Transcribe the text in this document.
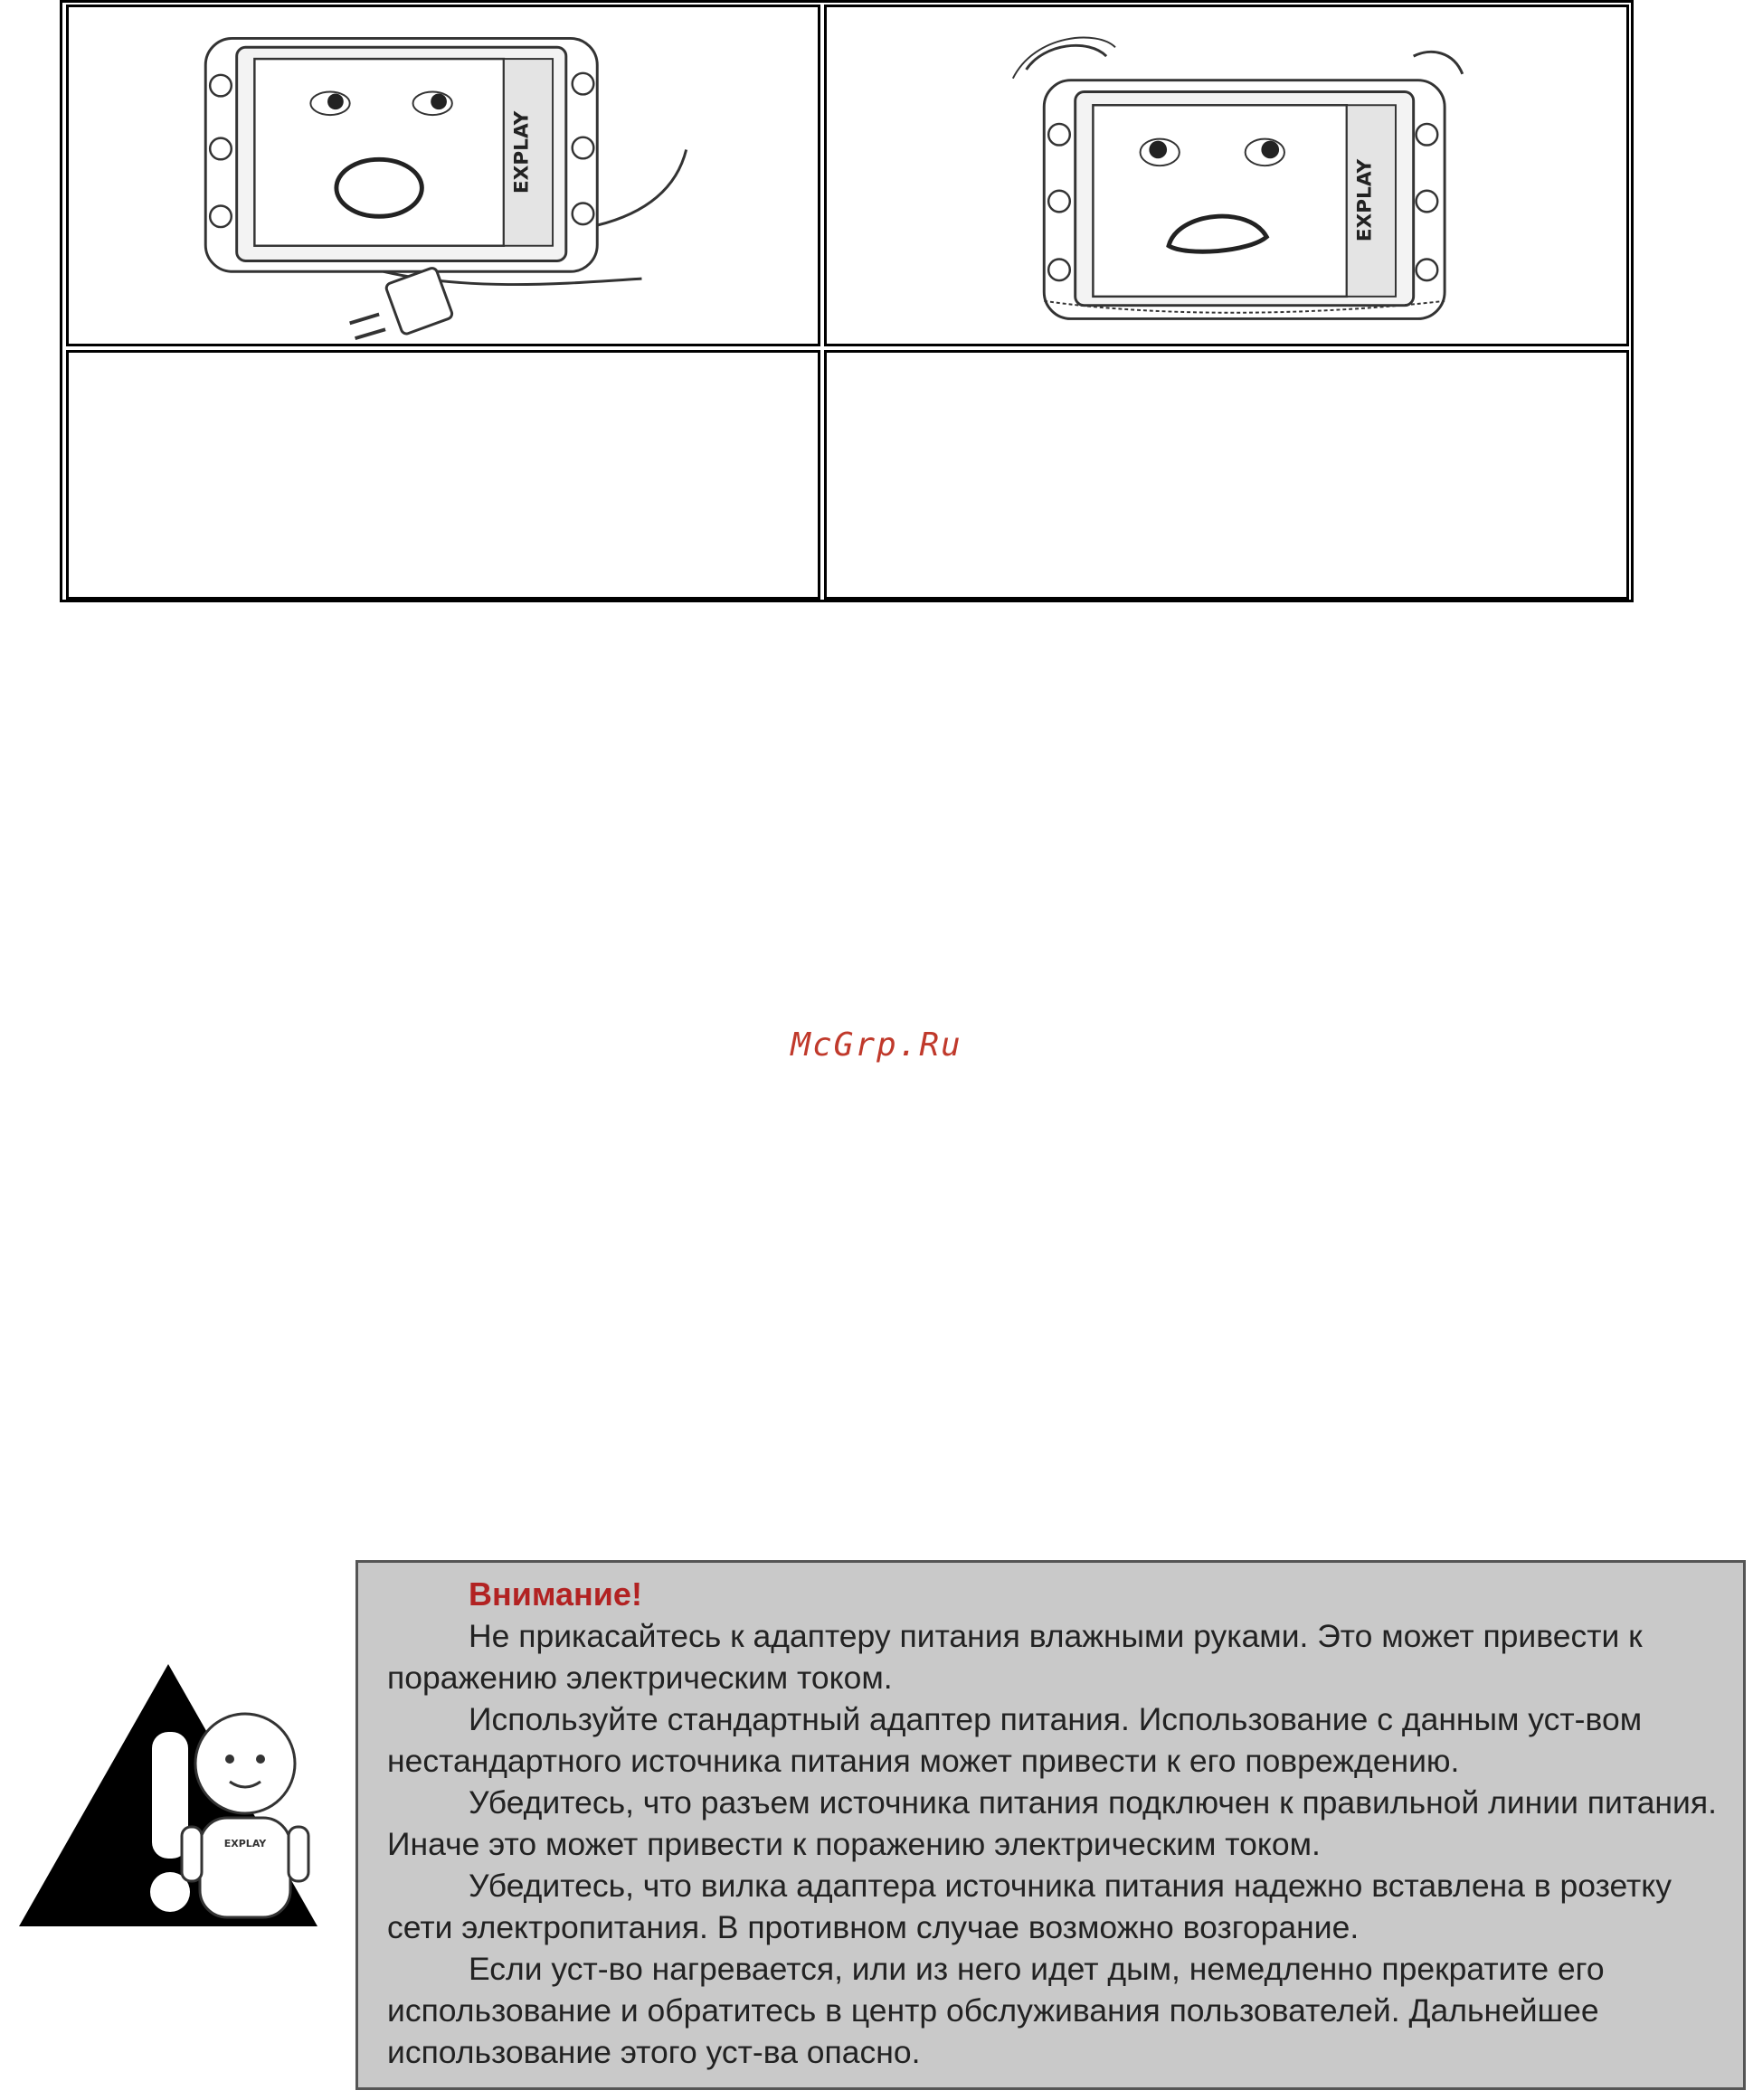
EXPLAY
EXPLAY
McGrp.Ru
EXPLAY
Внимание!

Не прикасайтесь к адаптеру питания влажными руками. Это может привести к поражению электрическим током.

Используйте стандартный адаптер питания. Использование с данным уст-вом нестандартного источника питания может привести к его повреждению.

Убедитесь, что разъем источника питания подключен к правильной линии питания. Иначе это может привести к поражению электрическим током.

Убедитесь, что вилка адаптера источника питания надежно вставлена в розетку сети электропитания. В противном случае возможно возгорание.

Если уст-во нагревается, или из него идет дым, немедленно прекратите его использование и обратитесь в центр обслуживания пользователей. Дальнейшее использование этого уст-ва опасно.
